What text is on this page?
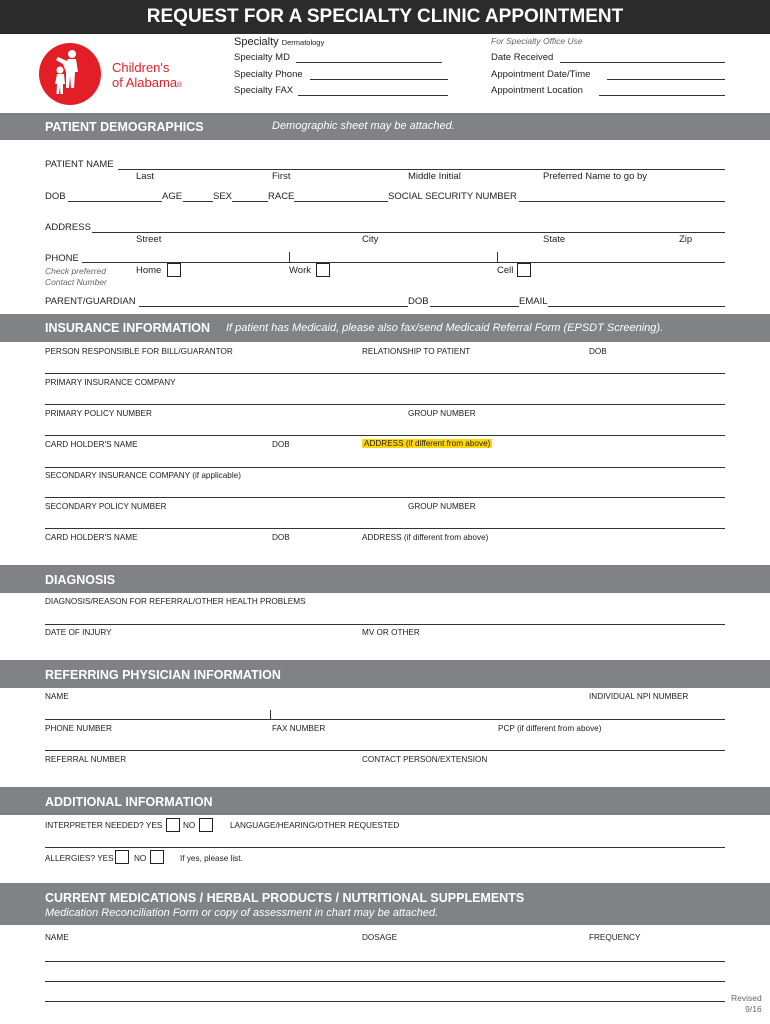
REQUEST FOR A SPECIALTY CLINIC APPOINTMENT
Children's
of Alabama®
Specialty Dermatology
Specialty MD
Specialty Phone
Specialty FAX
For Specialty Office Use
Date Received
Appointment Date/Time
Appointment Location
PATIENT DEMOGRAPHICS	Demographic sheet may be attached.
PATIENT NAME
Last	First	Middle Initial	Preferred Name to go by
DOB	AGE	SEX	RACE	SOCIAL SECURITY NUMBER
ADDRESS
Street	City	State	Zip
PHONE
Check preferred
Contact Number
Home	Work	Cell
PARENT/GUARDIAN	DOB	EMAIL
INSURANCE INFORMATION If patient has Medicaid, please also fax/send Medicaid Referral Form (EPSDT Screening).
PERSON RESPONSIBLE FOR BILL/GUARANTOR	RELATIONSHIP TO PATIENT	DOB
PRIMARY INSURANCE COMPANY
PRIMARY POLICY NUMBER	GROUP NUMBER
CARD HOLDER'S NAME	DOB	ADDRESS (if different from above)
SECONDARY INSURANCE COMPANY (if applicable)
SECONDARY POLICY NUMBER	GROUP NUMBER
CARD HOLDER'S NAME	DOB	ADDRESS (if different from above)
DIAGNOSIS
DIAGNOSIS/REASON FOR REFERRAL/OTHER HEALTH PROBLEMS
DATE OF INJURY	MV OR OTHER
REFERRING PHYSICIAN INFORMATION
NAME	INDIVIDUAL NPI NUMBER
PHONE NUMBER	FAX NUMBER	PCP (if different from above)
REFERRAL NUMBER	CONTACT PERSON/EXTENSION
ADDITIONAL INFORMATION
INTERPRETER NEEDED? YES	NO	LANGUAGE/HEARING/OTHER REQUESTED
ALLERGIES? YES NO	If yes, please list.
CURRENT MEDICATIONS / HERBAL PRODUCTS / NUTRITIONAL SUPPLEMENTS
Medication Reconciliation Form or copy of assessment in chart may be attached.
NAME	DOSAGE	FREQUENCY
Revised
9/16
